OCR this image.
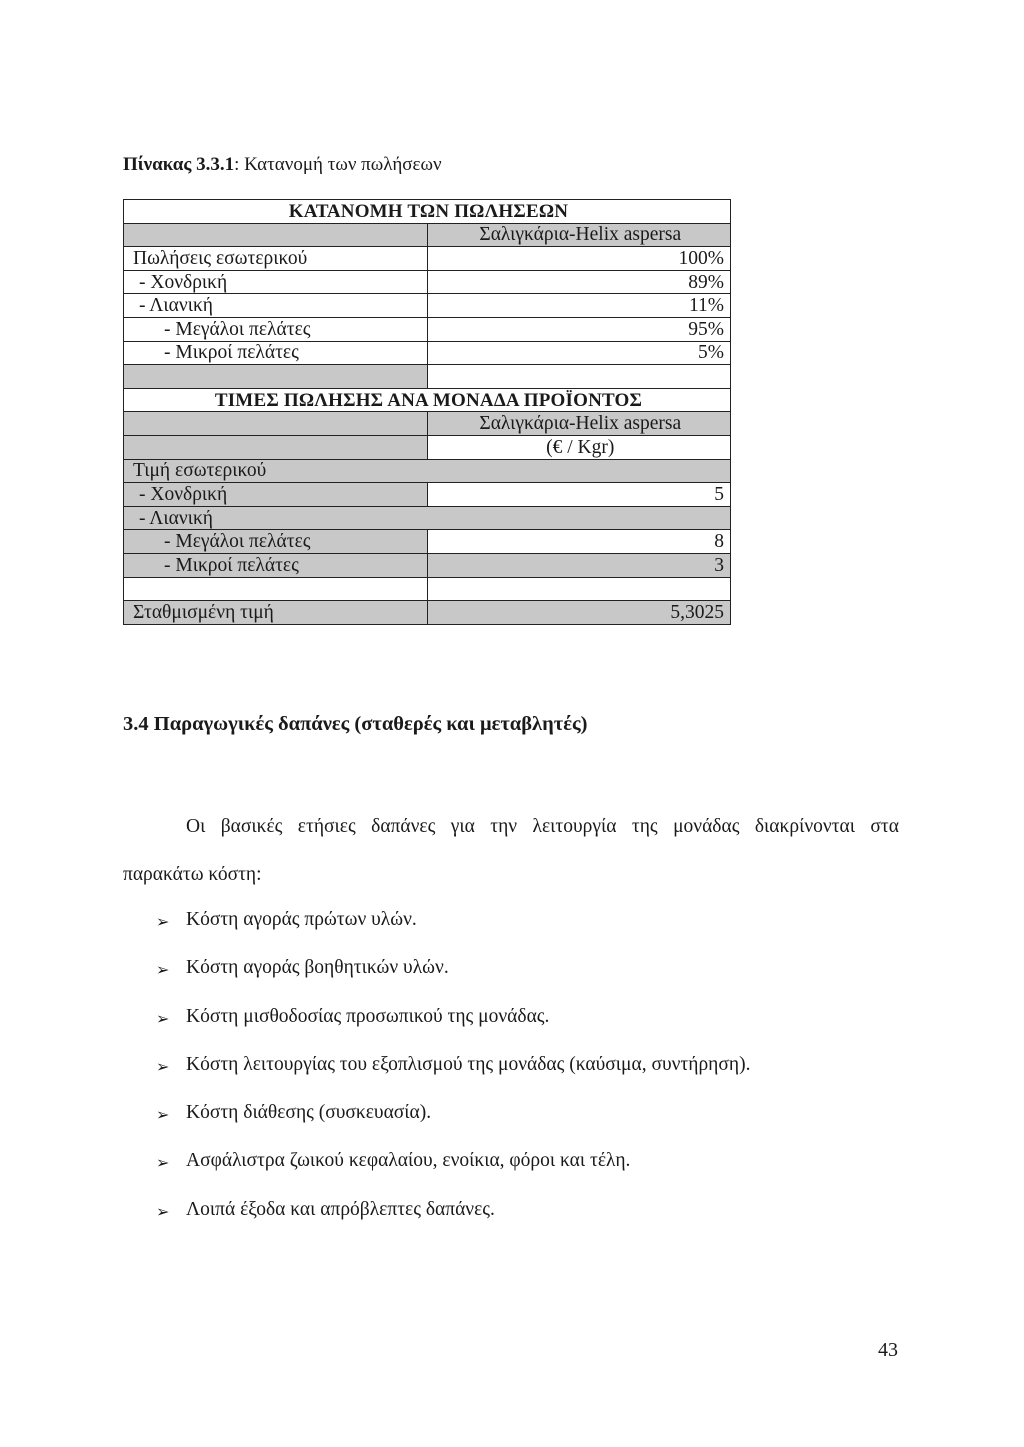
Πίνακας 3.3.1: Κατανομή των πωλήσεων
ΚΑΤΑΝΟΜΗ ΤΩΝ ΠΩΛΗΣΕΩΝ	
	Σαλιγκάρια-Helix aspersa
Πωλήσεις εσωτερικού	100%
- Χονδρική	89%
- Λιανική	11%
- Μεγάλοι πελάτες	95%
- Μικροί πελάτες	5%

ΤΙΜΕΣ ΠΩΛΗΣΗΣ ΑΝΑ ΜΟΝΑΔΑ ΠΡΟΪΟΝΤΟΣ	
	Σαλιγκάρια-Helix aspersa
	(€ / Kgr)
Τιμή εσωτερικού	
- Χονδρική	5
- Λιανική	
- Μεγάλοι πελάτες	8
- Μικροί πελάτες	3

Σταθμισμένη τιμή	5,3025
3.4 Παραγωγικές δαπάνες (σταθερές και μεταβλητές)
Οι βασικές ετήσιες δαπάνες για την λειτουργία της μονάδας διακρίνονται στα
παρακάτω κόστη:
➢ Κόστη αγοράς πρώτων υλών.
➢ Κόστη αγοράς βοηθητικών υλών.
➢ Κόστη μισθοδοσίας προσωπικού της μονάδας.
➢ Κόστη λειτουργίας του εξοπλισμού της μονάδας (καύσιμα, συντήρηση).
➢ Κόστη διάθεσης (συσκευασία).
➢ Ασφάλιστρα ζωικού κεφαλαίου, ενοίκια, φόροι και τέλη.
➢ Λοιπά έξοδα και απρόβλεπτες δαπάνες.
43
